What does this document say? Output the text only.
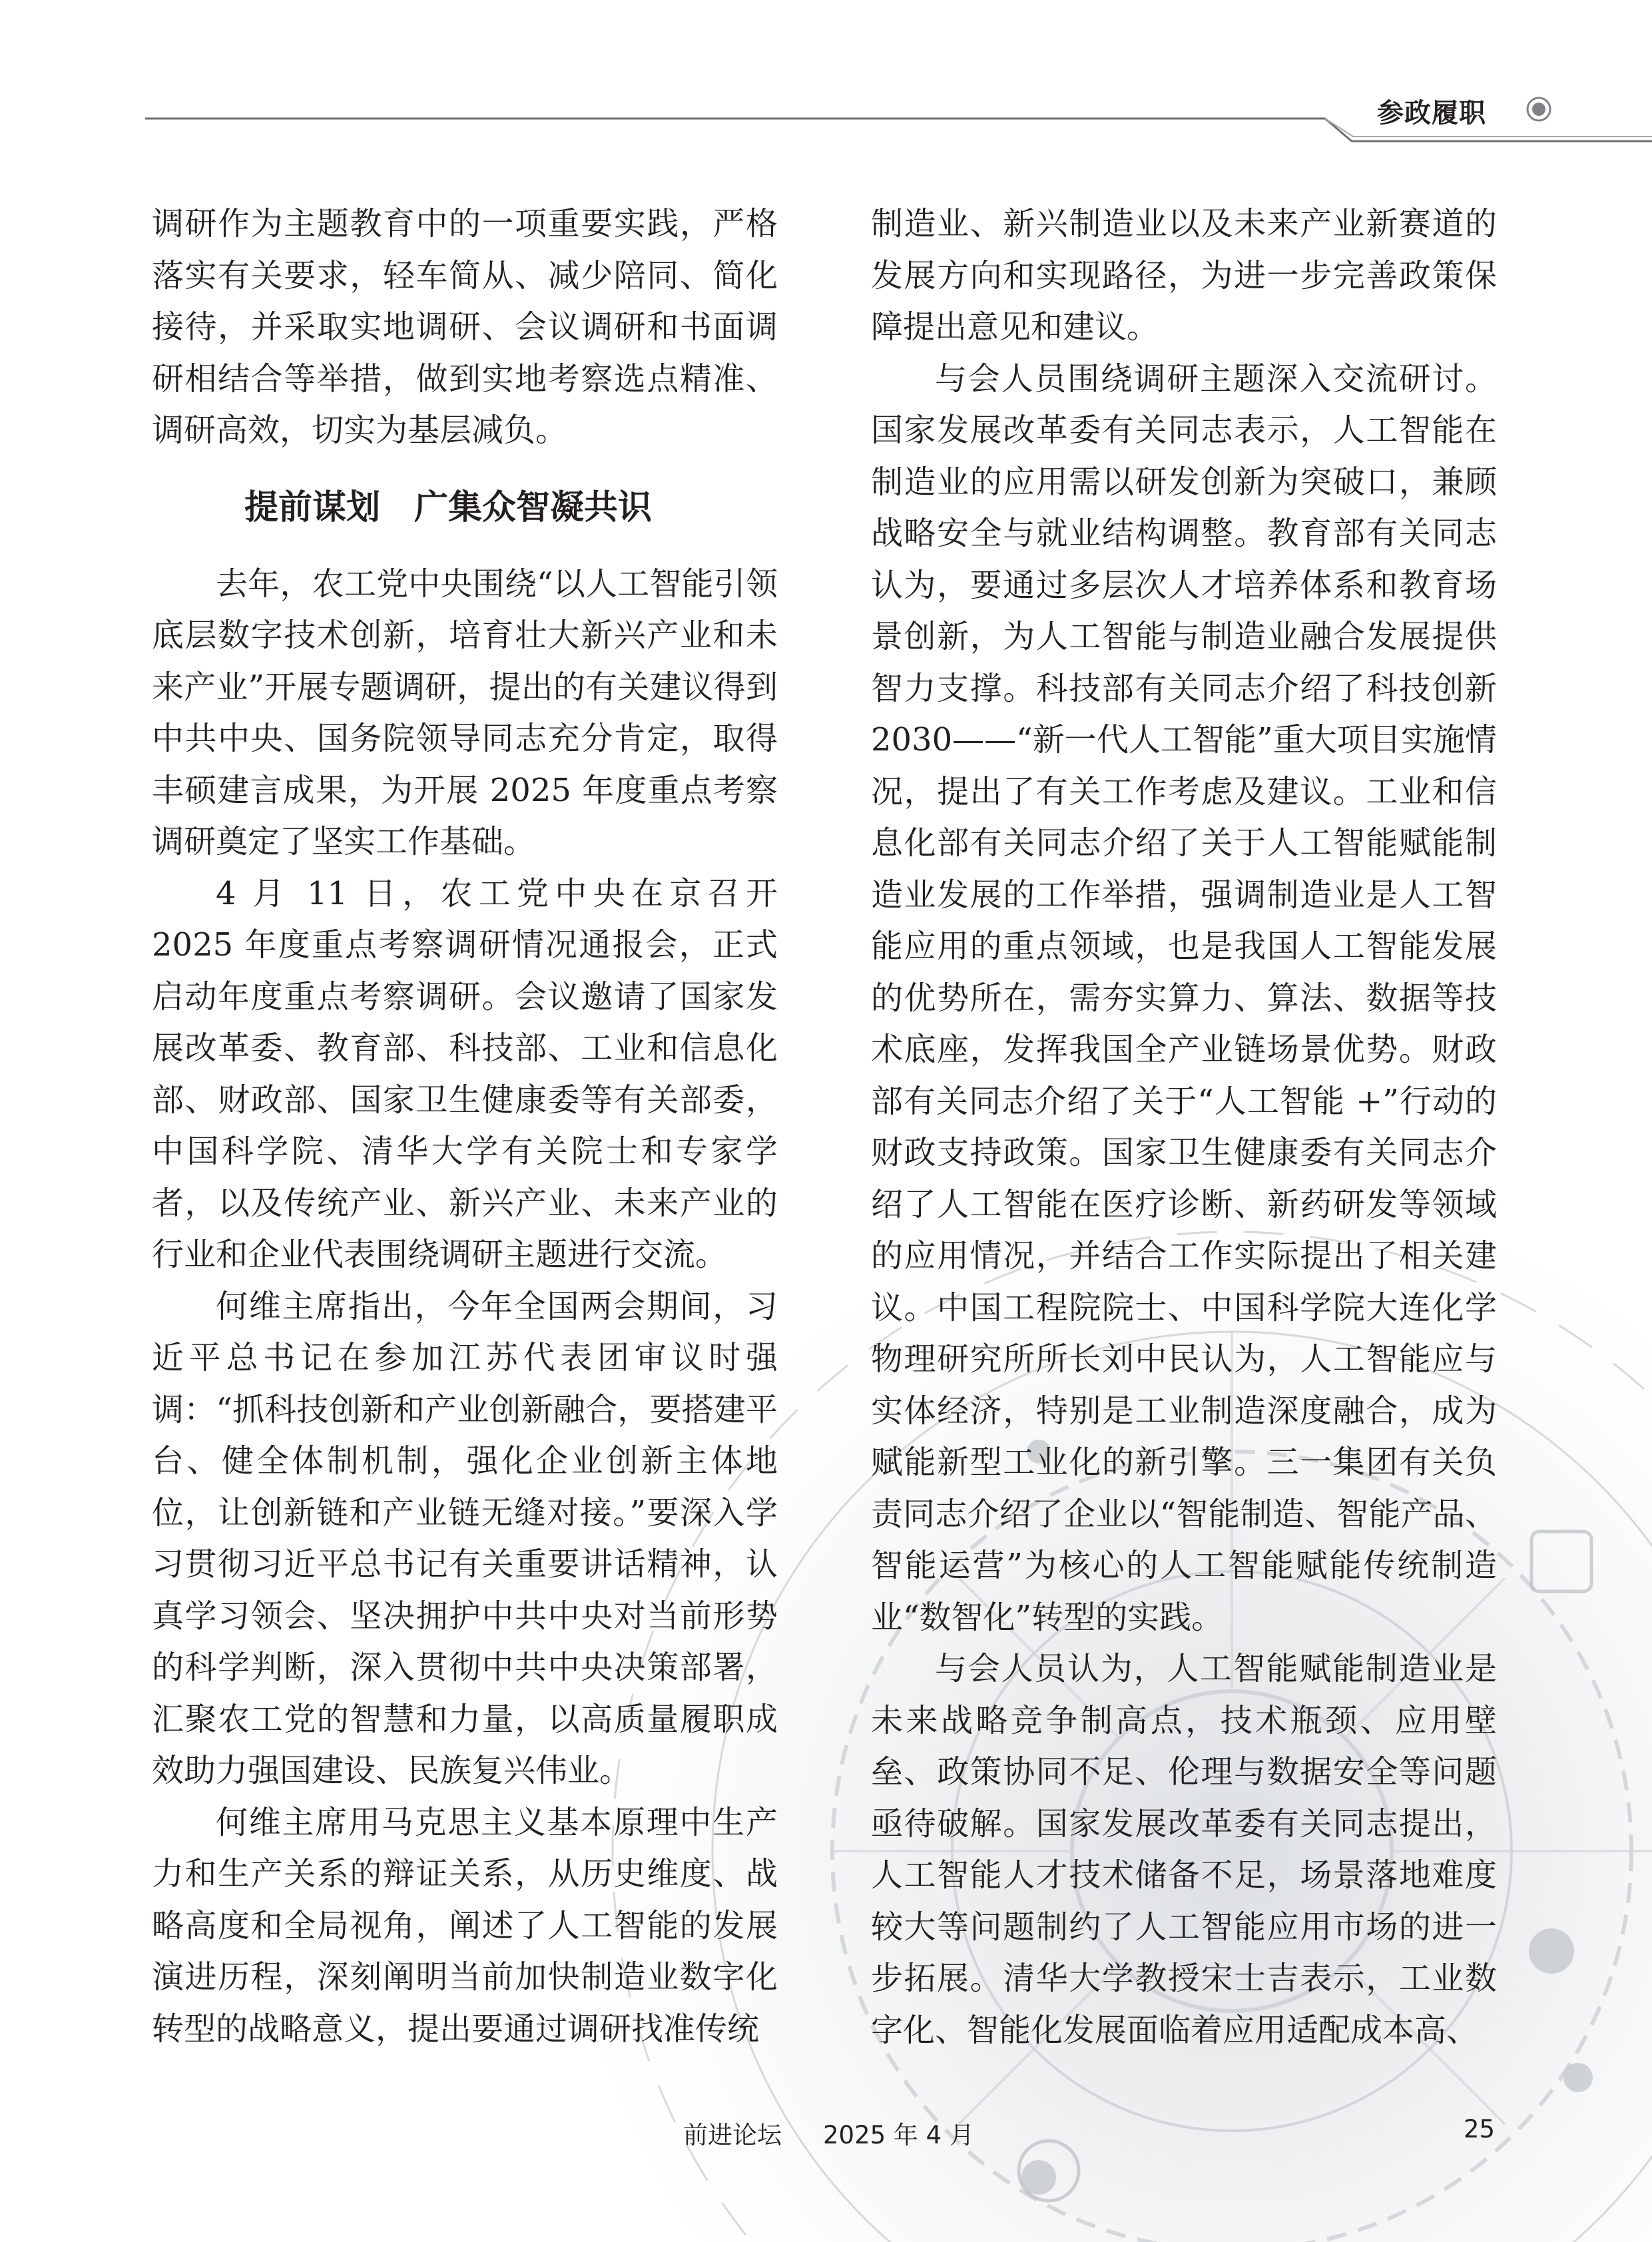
参政履职

调研作为主题教育中的一项重要实践，严格落实有关要求，轻车简从、减少陪同、简化接待，并采取实地调研、会议调研和书面调研相结合等举措，做到实地考察选点精准、调研高效，切实为基层减负。

提前谋划　广集众智凝共识

去年，农工党中央围绕“以人工智能引领底层数字技术创新，培育壮大新兴产业和未来产业”开展专题调研，提出的有关建议得到中共中央、国务院领导同志充分肯定，取得丰硕建言成果，为开展 2025 年度重点考察调研奠定了坚实工作基础。

4 月 11 日，农工党中央在京召开 2025 年度重点考察调研情况通报会，正式启动年度重点考察调研。会议邀请了国家发展改革委、教育部、科技部、工业和信息化部、财政部、国家卫生健康委等有关部委，中国科学院、清华大学有关院士和专家学者，以及传统产业、新兴产业、未来产业的行业和企业代表围绕调研主题进行交流。

何维主席指出，今年全国两会期间，习近平总书记在参加江苏代表团审议时强调：“抓科技创新和产业创新融合，要搭建平台、健全体制机制，强化企业创新主体地位，让创新链和产业链无缝对接。”要深入学习贯彻习近平总书记有关重要讲话精神，认真学习领会、坚决拥护中共中央对当前形势的科学判断，深入贯彻中共中央决策部署，汇聚农工党的智慧和力量，以高质量履职成效助力强国建设、民族复兴伟业。

何维主席用马克思主义基本原理中生产力和生产关系的辩证关系，从历史维度、战略高度和全局视角，阐述了人工智能的发展演进历程，深刻阐明当前加快制造业数字化转型的战略意义，提出要通过调研找准传统

制造业、新兴制造业以及未来产业新赛道的发展方向和实现路径，为进一步完善政策保障提出意见和建议。

与会人员围绕调研主题深入交流研讨。国家发展改革委有关同志表示，人工智能在制造业的应用需以研发创新为突破口，兼顾战略安全与就业结构调整。教育部有关同志认为，要通过多层次人才培养体系和教育场景创新，为人工智能与制造业融合发展提供智力支撑。科技部有关同志介绍了科技创新 2030——“新一代人工智能”重大项目实施情况，提出了有关工作考虑及建议。工业和信息化部有关同志介绍了关于人工智能赋能制造业发展的工作举措，强调制造业是人工智能应用的重点领域，也是我国人工智能发展的优势所在，需夯实算力、算法、数据等技术底座，发挥我国全产业链场景优势。财政部有关同志介绍了关于“人工智能 +”行动的财政支持政策。国家卫生健康委有关同志介绍了人工智能在医疗诊断、新药研发等领域的应用情况，并结合工作实际提出了相关建议。中国工程院院士、中国科学院大连化学物理研究所所长刘中民认为，人工智能应与实体经济，特别是工业制造深度融合，成为赋能新型工业化的新引擎。三一集团有关负责同志介绍了企业以“智能制造、智能产品、智能运营”为核心的人工智能赋能传统制造业“数智化”转型的实践。

与会人员认为，人工智能赋能制造业是未来战略竞争制高点，技术瓶颈、应用壁垒、政策协同不足、伦理与数据安全等问题亟待破解。国家发展改革委有关同志提出，人工智能人才技术储备不足，场景落地难度较大等问题制约了人工智能应用市场的进一步拓展。清华大学教授宋士吉表示，工业数字化、智能化发展面临着应用适配成本高、

前进论坛 2025 年 4 月	25
